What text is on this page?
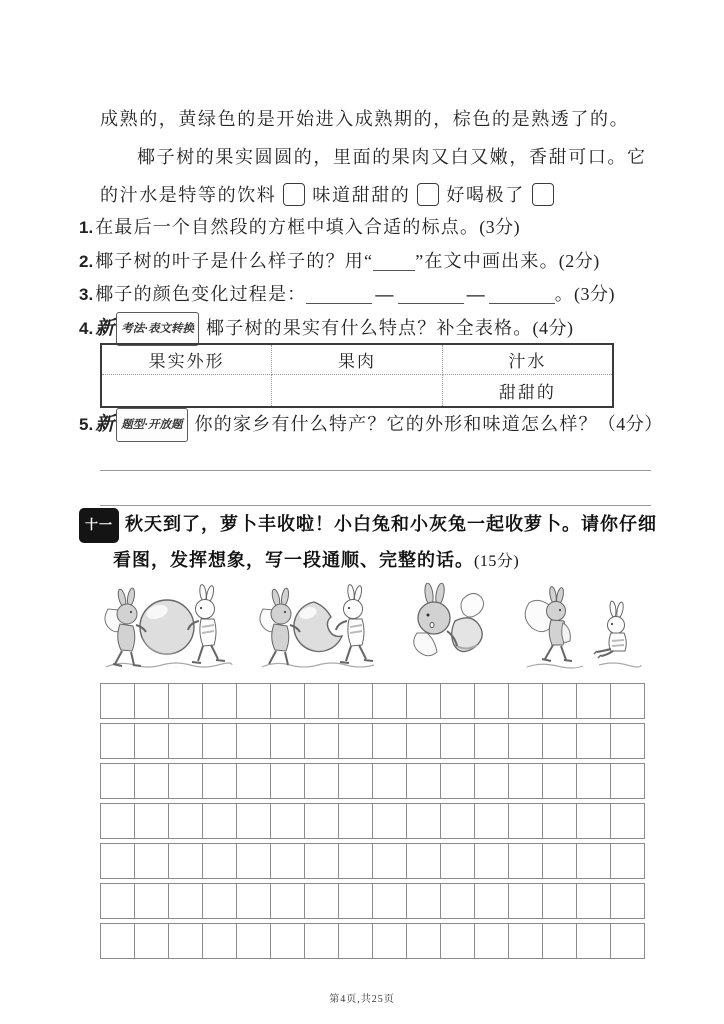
成熟的，黄绿色的是开始进入成熟期的，棕色的是熟透了的。
椰子树的果实圆圆的，里面的果肉又白又嫩，香甜可口。它
的汁水是特等的饮料 味道甜甜的 好喝极了
1. 在最后一个自然段的方框中填入合适的标点。(3分)
2. 椰子树的叶子是什么样子的？用“ ”在文中画出来。(2分)
3. 椰子的颜色变化过程是：	—	—	。(3分)
4. 新 考法·表文转换 椰子树的果实有什么特点？补全表格。(4分)
果实外形	果肉	汁水
		甜甜的
5. 新 题型·开放题 你的家乡有什么特产？它的外形和味道怎么样？（4分）
十一 秋天到了，萝卜丰收啦！小白兔和小灰兔一起收萝卜。请你仔细
看图，发挥想象，写一段通顺、完整的话。(15分)
第4页,共25页
